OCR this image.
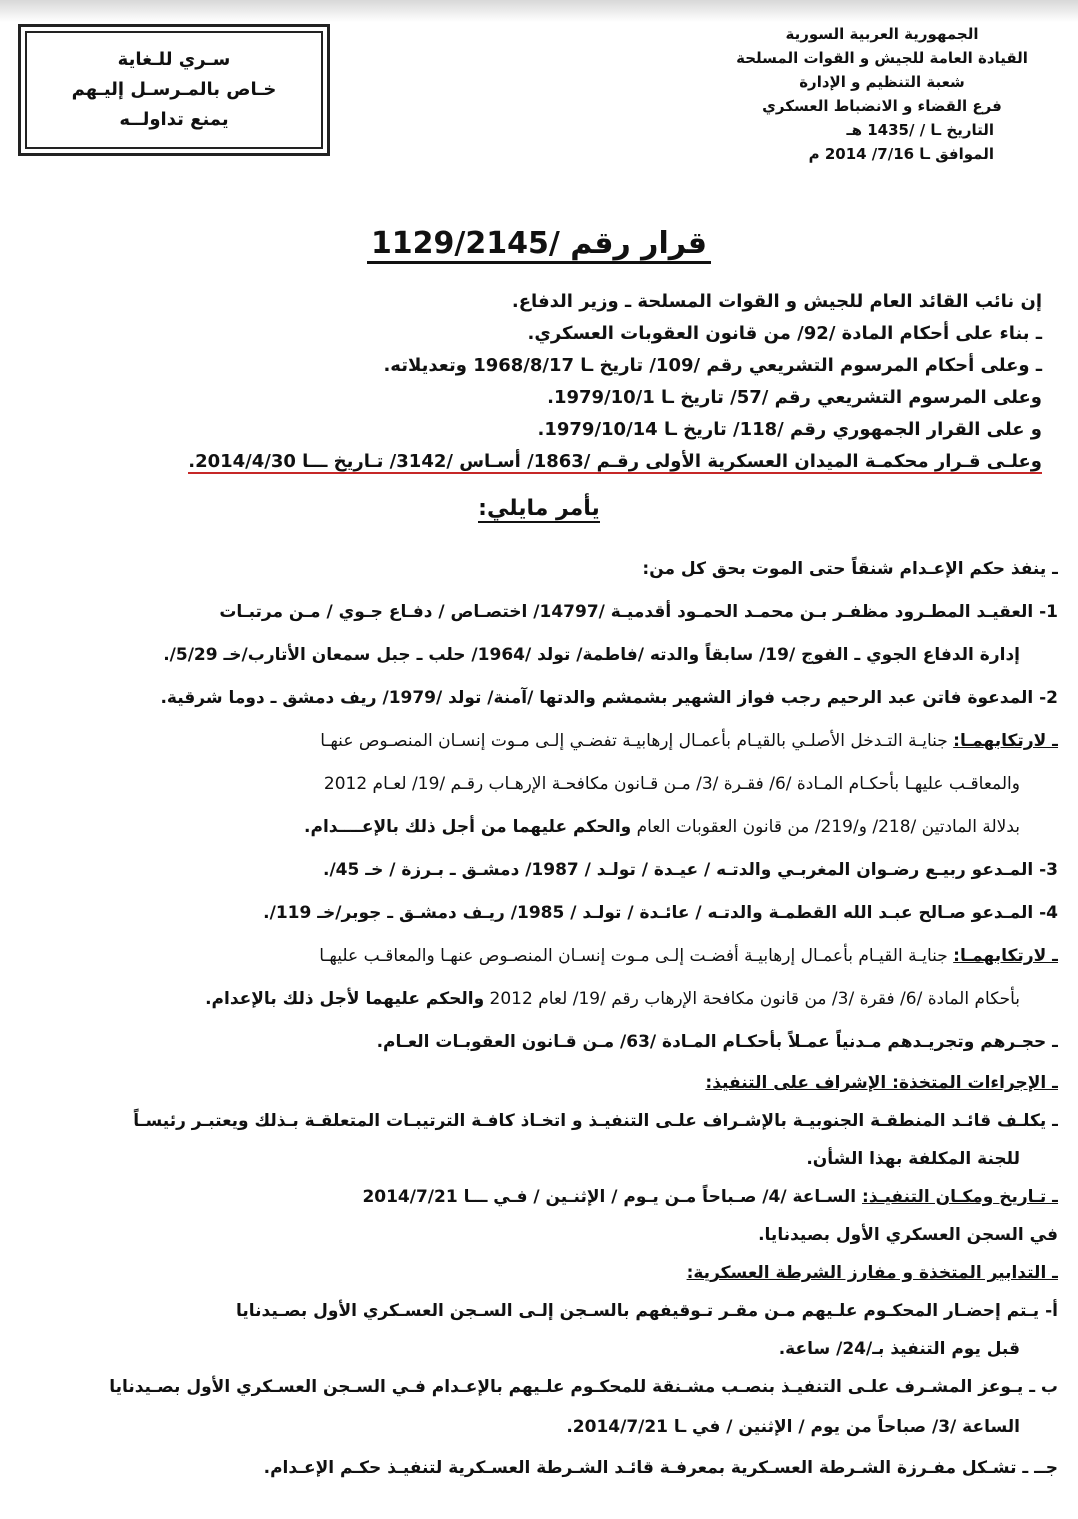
سـري للـغاية
خـاص بالمـرسـل إليـهم
يمنع تداولــه
الجمهورية العربية السورية
القيادة العامة للجيش و القوات المسلحة
شعبة التنظيم و الإدارة
فرع القضاء و الانضباط العسكري
التاريخ ـا / /1435 هـ
الموافق ـا 7/16/ 2014 م
قرار رقم /1129/2145
إن نائب القائد العام للجيش و القوات المسلحة ـ وزير الدفاع.
ـ بناء على أحكام المادة /92/ من قانون العقوبات العسكري.
ـ وعلى أحكام المرسوم التشريعي رقم /109/ تاريخ ـا 1968/8/17 وتعديلاته.
وعلى المرسوم التشريعي رقم /57/ تاريخ ـا 1979/10/1.
و على القرار الجمهوري رقم /118/ تاريخ ـا 1979/10/14.
وعلـى قـرار محكمـة الميدان العسكرية الأولى رقـم /1863/ أسـاس /3142/ تـاريخ ـــا 2014/4/30.
يأمر مايلي:
ـ ينفذ حكم الإعـدام شنقاً حتى الموت بحق كل من:
1- العقيـد المطـرود مظفـر بـن محمـد الحمـود أقدميـة /14797/ اختصـاص / دفـاع جـوي / مـن مرتبـات
إدارة الدفاع الجوي ـ الفوج /19/ سابقاً والدته /فاطمة/ تولد /1964/ حلب ـ جبل سمعان الأتارب/خـ 5/29/.
2- المدعوة فاتن عبد الرحيم رجب فواز الشهير بشمشم والدتها /آمنة/ تولد /1979/ ريف دمشق ـ دوما شرقية.
ـ لارتكابهمـا: جنايـة التـدخل الأصلـي بالقيـام بأعمـال إرهابيـة تفضـي إلـى مـوت إنسـان المنصـوص عنهـا
والمعاقـب عليهـا بأحكـام المـادة /6/ فقـرة /3/ مـن قـانون مكافحـة الإرهـاب رقـم /19/ لعـام 2012
بدلالة المادتين /218/ و/219/ من قانون العقوبات العام والحكم عليهما من أجل ذلك بالإعــــدام.
3- المـدعو ربيـع رضـوان المغربـي والدتـه / عيـدة / تولـد / 1987/ دمشـق ـ بـرزة / خـ 45/.
4- المـدعو صـالح عبـد الله القطمـة والدتـه / عائـدة / تولـد / 1985/ ريـف دمشـق ـ جوبر/خـ 119/.
ـ لارتكابهمـا: جنايـة القيـام بأعمـال إرهابيـة أفضـت إلـى مـوت إنسـان المنصـوص عنهـا والمعاقـب عليهـا
بأحكام المادة /6/ فقرة /3/ من قانون مكافحة الإرهاب رقم /19/ لعام 2012 والحكم عليهما لأجل ذلك بالإعدام.
ـ حجـرهم وتجريـدهم مـدنياً عمـلاً بأحكـام المـادة /63/ مـن قـانون العقوبـات العـام.
ـ الإجراءات المتخذة: الإشراف على التنفيذ:
ـ يكلـف قائـد المنطقـة الجنوبيـة بالإشـراف علـى التنفيـذ و اتخـاذ كافـة الترتيبـات المتعلقـة بـذلك ويعتبـر رئيسـاً
للجنة المكلفة بهذا الشأن.
ـ تـاريخ ومكـان التنفيـذ: السـاعة /4/ صـباحاً مـن يـوم / الإثنـين / فـي ـــا 2014/7/21
في السجن العسكري الأول بصيدنايا.
ـ التدابير المتخذة و مفارز الشرطة العسكرية:
أ- يـتم إحضـار المحكـوم علـيهم مـن مقـر تـوقيفهم بالسـجن إلـى السـجن العسـكري الأول بصـيدنايا
قبل يوم التنفيذ بـ/24/ ساعة.
ب ـ يـوعز المشـرف علـى التنفيـذ بنصـب مشـنقة للمحكـوم علـيهم بالإعـدام فـي السـجن العسـكري الأول بصـيدنايا
الساعة /3/ صباحاً من يوم / الإثنين / في ـا 2014/7/21.
جــ ـ تشـكل مفـرزة الشـرطة العسـكرية بمعرفـة قائـد الشـرطة العسـكرية لتنفيـذ حكـم الإعـدام.
